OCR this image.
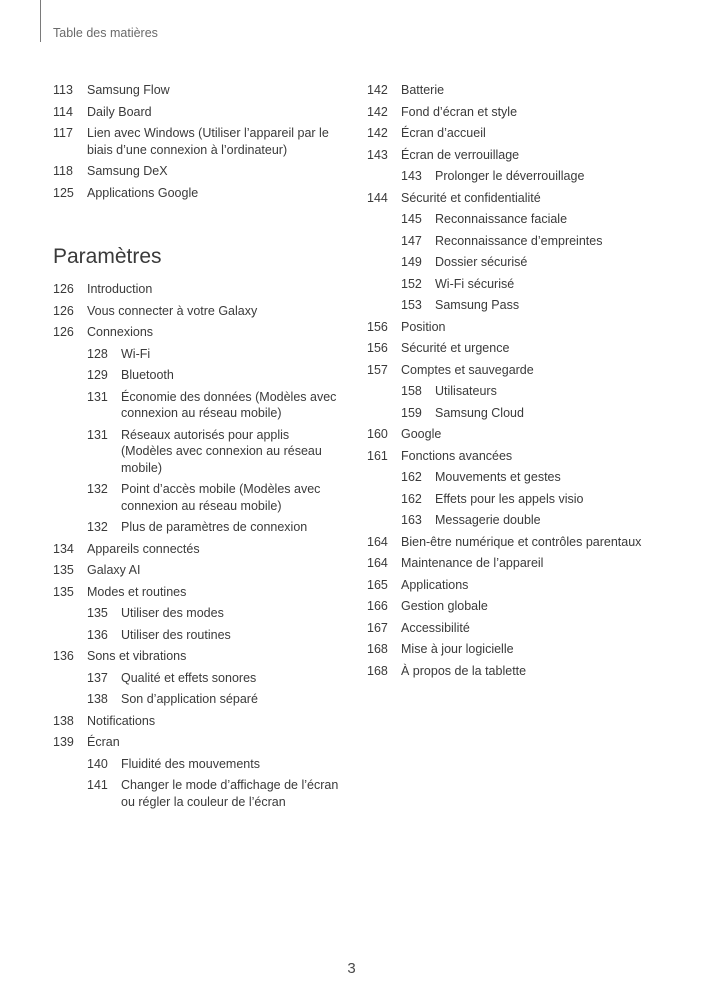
Table des matières
113	Samsung Flow
114	Daily Board
117	Lien avec Windows (Utiliser l’appareil par le biais d’une connexion à l’ordinateur)
118	Samsung DeX
125	Applications Google
Paramètres
126	Introduction
126	Vous connecter à votre Galaxy
126	Connexions
128	Wi-Fi
129	Bluetooth
131	Économie des données (Modèles avec connexion au réseau mobile)
131	Réseaux autorisés pour applis (Modèles avec connexion au réseau mobile)
132	Point d’accès mobile (Modèles avec connexion au réseau mobile)
132	Plus de paramètres de connexion
134	Appareils connectés
135	Galaxy AI
135	Modes et routines
135	Utiliser des modes
136	Utiliser des routines
136	Sons et vibrations
137	Qualité et effets sonores
138	Son d’application séparé
138	Notifications
139	Écran
140	Fluidité des mouvements
141	Changer le mode d’affichage de l’écran ou régler la couleur de l’écran
142	Batterie
142	Fond d’écran et style
142	Écran d’accueil
143	Écran de verrouillage
143	Prolonger le déverrouillage
144	Sécurité et confidentialité
145	Reconnaissance faciale
147	Reconnaissance d’empreintes
149	Dossier sécurisé
152	Wi-Fi sécurisé
153	Samsung Pass
156	Position
156	Sécurité et urgence
157	Comptes et sauvegarde
158	Utilisateurs
159	Samsung Cloud
160	Google
161	Fonctions avancées
162	Mouvements et gestes
162	Effets pour les appels visio
163	Messagerie double
164	Bien-être numérique et contrôles parentaux
164	Maintenance de l’appareil
165	Applications
166	Gestion globale
167	Accessibilité
168	Mise à jour logicielle
168	À propos de la tablette
3
